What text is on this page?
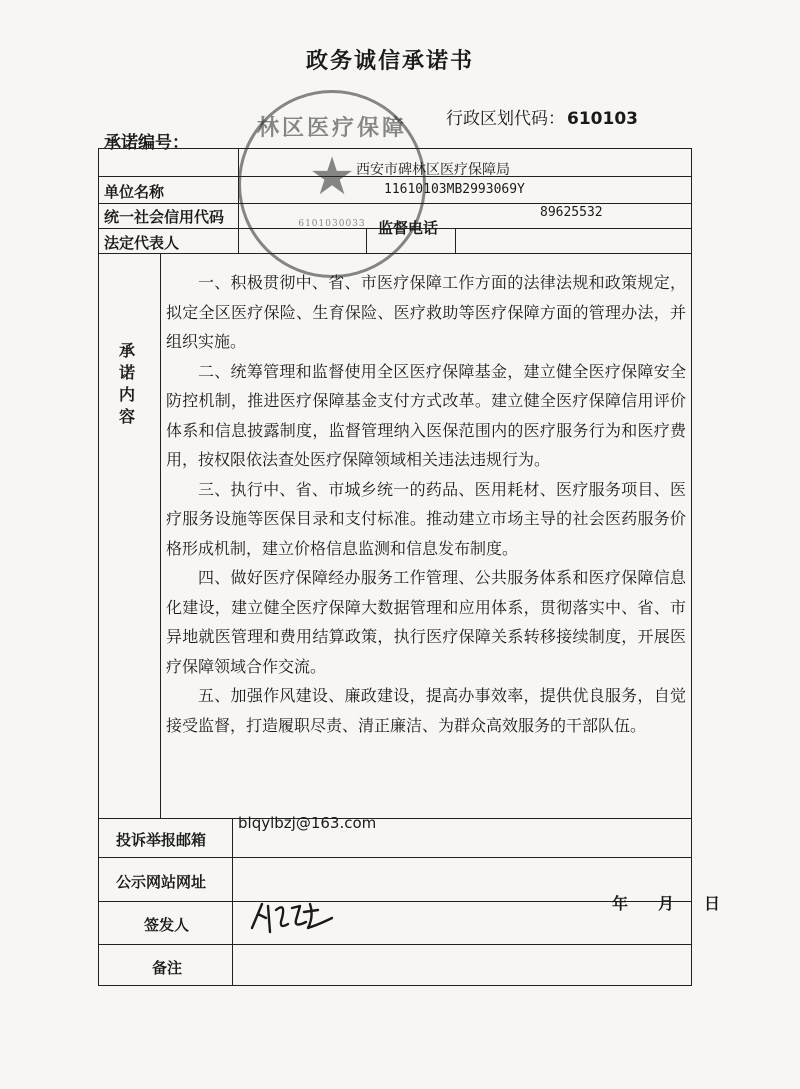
政务诚信承诺书
行政区划代码： 610103
承诺编号：
林区医疗保障
★
6101030033
单位名称
西安市碑林区医疗保障局
统一社会信用代码
11610103MB2993069Y
法定代表人
监督电话
89625532
承
诺
内
容

一、积极贯彻中、省、市医疗保障工作方面的法律法规和政策规定，拟定全区医疗保险、生育保险、医疗救助等医疗保障方面的管理办法，并组织实施。

二、统筹管理和监督使用全区医疗保障基金，建立健全医疗保障安全防控机制，推进医疗保障基金支付方式改革。建立健全医疗保障信用评价体系和信息披露制度，监督管理纳入医保范围内的医疗服务行为和医疗费用，按权限依法查处医疗保障领域相关违法违规行为。

三、执行中、省、市城乡统一的药品、医用耗材、医疗服务项目、医疗服务设施等医保目录和支付标准。推动建立市场主导的社会医药服务价格形成机制，建立价格信息监测和信息发布制度。

四、做好医疗保障经办服务工作管理、公共服务体系和医疗保障信息化建设，建立健全医疗保障大数据管理和应用体系，贯彻落实中、省、市异地就医管理和费用结算政策，执行医疗保障关系转移接续制度，开展医疗保障领域合作交流。

五、加强作风建设、廉政建设，提高办事效率，提供优良服务，自觉接受监督，打造履职尽责、清正廉洁、为群众高效服务的干部队伍。

投诉举报邮箱
blqylbzj@163.com
公示网站网址
签发人
年 月 日
备注
